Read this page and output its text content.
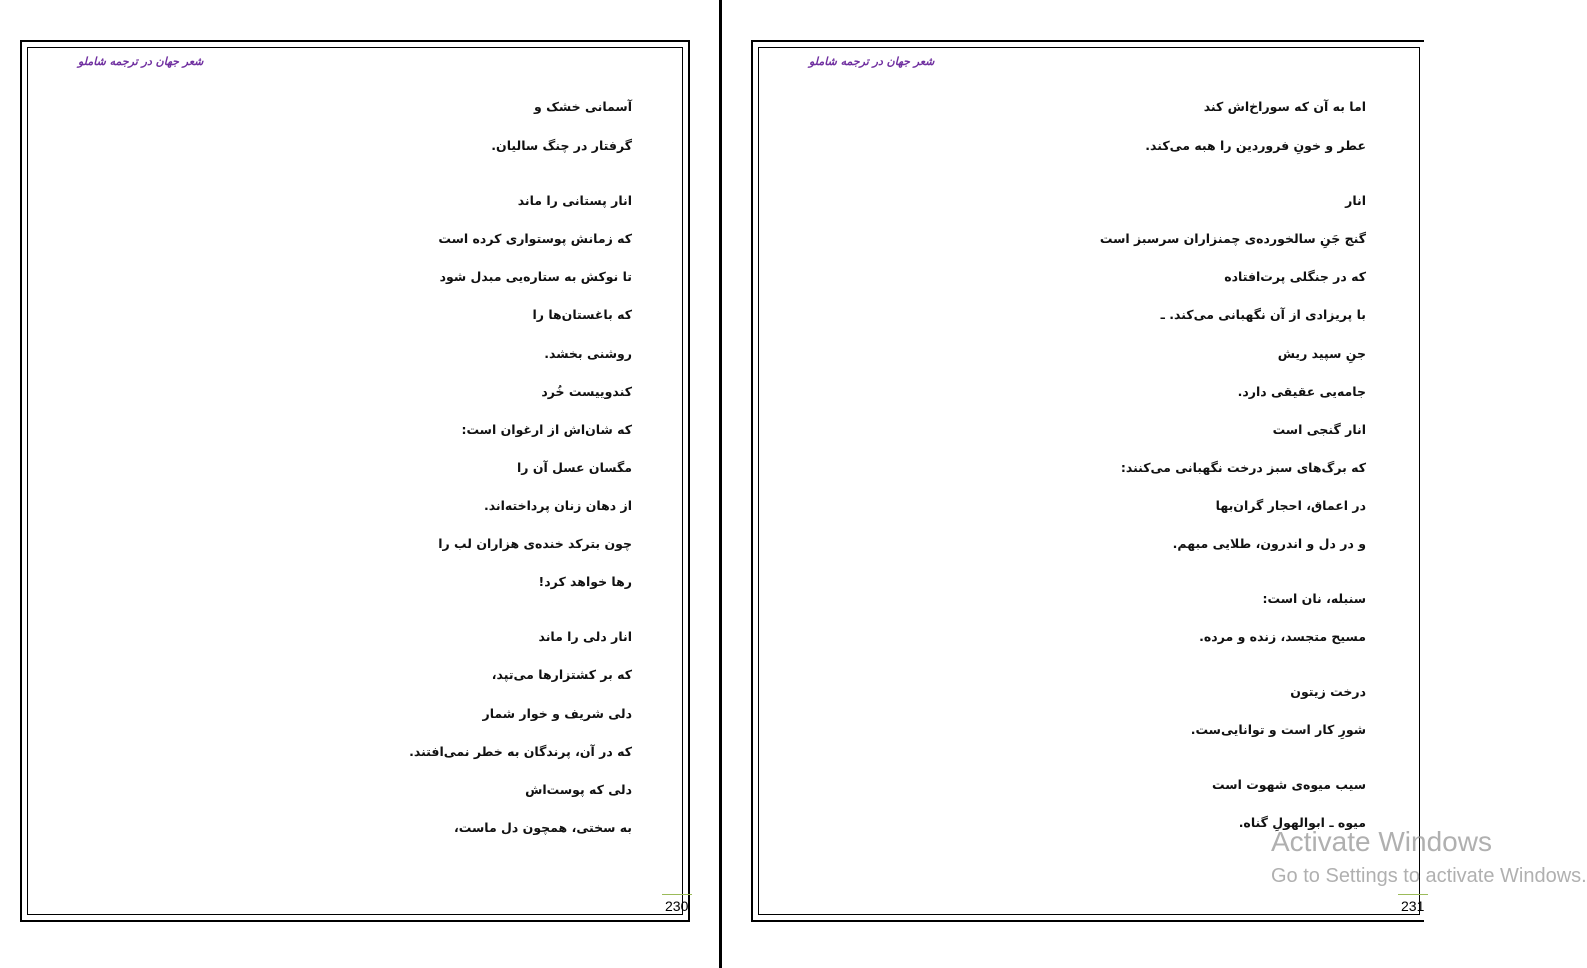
شعر جهان در ترجمه شاملو
آسمانی خشک و
گرفتار در چنگ سالیان.
انار پستانی را ماند
که زمانش پوستواری کرده است
تا نوکش به ستاره‌یی مبدل شود
که باغستان‌ها را
روشنی بخشد.
کندوییست خُرد
که شان‌اش از ارغوان است:
مگسان عسل آن را
از دهان زنان پرداخته‌اند.
چون بترکد خنده‌ی هزاران لب را
رها خواهد کرد!
انار دلی را ماند
که بر کشتزارها می‌تپد،
دلی شریف و خوار شمار
که در آن، پرندگان به خطر نمی‌افتند.
دلی که پوست‌اش
به سختی، همچون دل ماست،
230
شعر جهان در ترجمه شاملو
اما به آن که سوراخ‌اش کند
عطر و خونِ فروردین را هبه می‌کند.
انار
گنج جَنِ سالخورده‌ی چمنزاران سرسبز است
که در جنگلی پرت‌افتاده
با پریزادی از آن نگهبانی می‌کند. ـ
جنِ سپید ریش
جامه‌یی عقیقی دارد.
انار گنجی است
که برگ‌های سبز درخت نگهبانی می‌کنند:
در اعماق، احجار گران‌بها
و در دل و اندرون، طلایی مبهم.
سنبله، نان است:
مسیح متجسد، زنده و مرده.
درخت زیتون
شورِ کار است و توانایی‌ست.
سیب میوه‌ی شهوت است
میوه ـ ابوالهولِ گناه.
231
Activate Windows
Go to Settings to activate Windows.
